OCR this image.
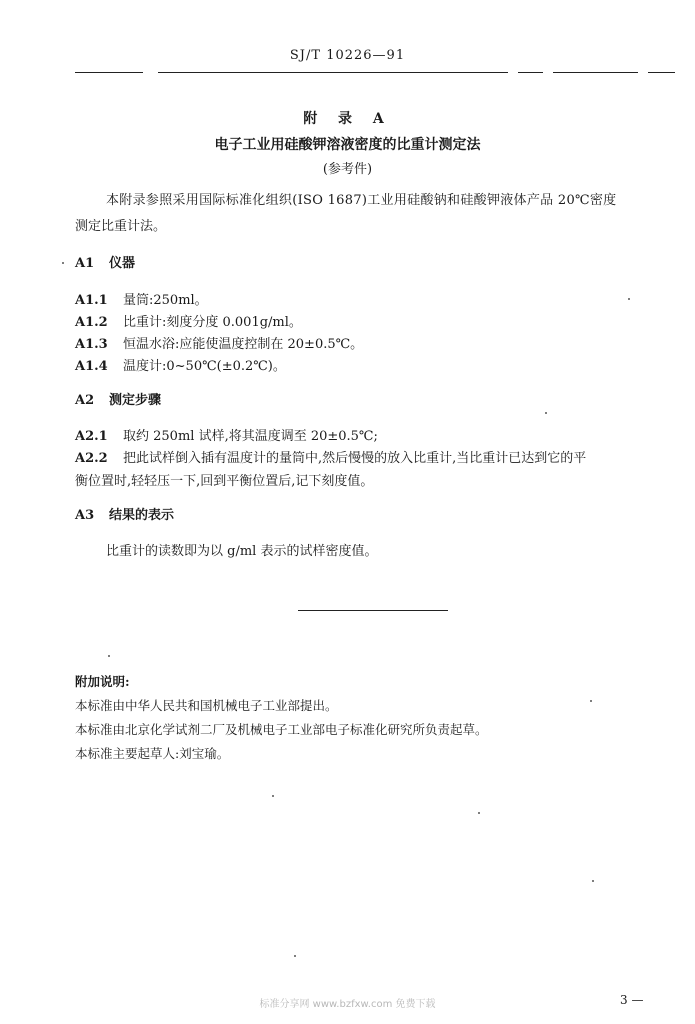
SJ/T 10226—91
附 录 A
电子工业用硅酸钾溶液密度的比重计测定法
(参考件)
本附录参照采用国际标准化组织(ISO 1687)工业用硅酸钠和硅酸钾液体产品 20℃密度
测定比重计法。
A1 仪器
A1.1 量筒:250ml。
A1.2 比重计:刻度分度 0.001g/ml。
A1.3 恒温水浴:应能使温度控制在 20±0.5℃。
A1.4 温度计:0~50℃(±0.2℃)。
A2 测定步骤
A2.1 取约 250ml 试样,将其温度调至 20±0.5℃;
A2.2 把此试样倒入插有温度计的量筒中,然后慢慢的放入比重计,当比重计已达到它的平
衡位置时,轻轻压一下,回到平衡位置后,记下刻度值。
A3 结果的表示
比重计的读数即为以 g/ml 表示的试样密度值。
附加说明:
本标准由中华人民共和国机械电子工业部提出。
本标准由北京化学试剂二厂及机械电子工业部电子标准化研究所负责起草。
本标准主要起草人:刘宝瑜。
标准分享网 www.bzfxw.com 免费下载	3 —
